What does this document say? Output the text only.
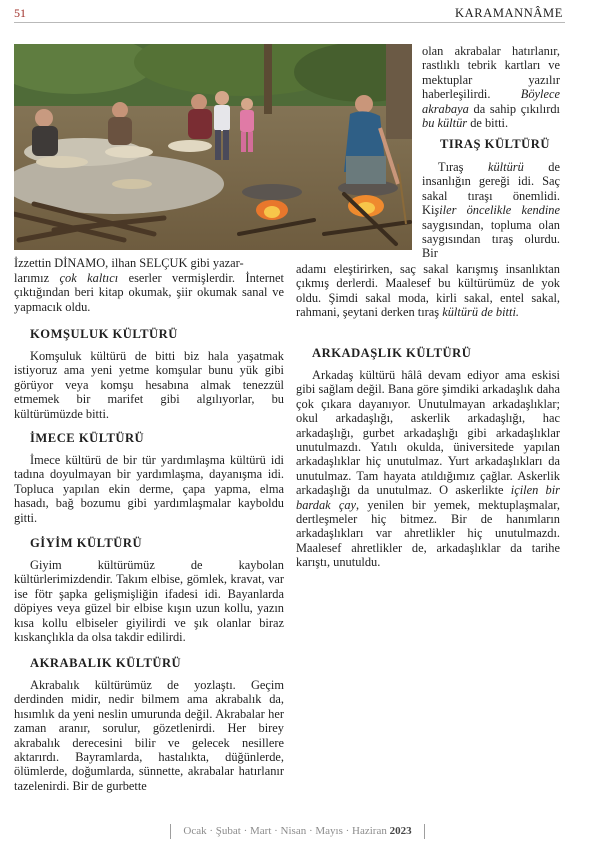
51	KARAMANNÂME

İzzettin DİNAMO, ilhan SELÇUK gibi yazar-

larımız çok kaltıcı eserler vermişlerdir. İnternet çıktığından beri kitap okumak, şiir okumak sanal ve yapmacık oldu.

KOMŞULUK KÜLTÜRÜ

Komşuluk kültürü de bitti biz hala yaşatmak istiyoruz ama yeni yetme komşular bunu yük gibi görüyor veya komşu hesabına almak tenezzül etmemek bir marifet gibi algılıyorlar, bu kültürümüzde bitti.

İMECE KÜLTÜRÜ

İmece kültürü de bir tür yardımlaşma kültürü idi tadına doyulmayan bir yardımlaşma, dayanışma idi. Topluca yapılan ekin derme, çapa yapma, elma hasadı, bağ bozumu gibi yardımlaşmalar kayboldu gitti.

GİYİM KÜLTÜRÜ

Giyim kültürümüz de kaybolan kültürlerimizdendir. Takım elbise, gömlek, kravat, var ise fötr şapka gelişmişliğin ifadesi idi. Bayanlarda döpiyes veya güzel bir elbise kışın uzun kollu, yazın kısa kollu elbiseler giyilirdi ve şık olanlar biraz kıskançlıkla da olsa takdir edilirdi.

AKRABALIK KÜLTÜRÜ

Akrabalık kültürümüz de yozlaştı. Geçim derdinden midir, nedir bilmem ama akrabalık da, hısımlık da yeni neslin umurunda değil. Akrabalar her zaman aranır, sorulur, gözetlenirdi. Her birey akrabalık derecesini bilir ve gelecek nesillere aktarırdı. Bayramlarda, hastalıkta, düğünlerde, ölümlerde, doğumlarda, sünnette, akrabalar hatırlanır tazelenirdi. Bir de gurbette

olan akrabalar hatırlanır, rastlıklı tebrik kartları ve mektuplar yazılır haberleşilirdi. Böylece akrabaya da sahip çıkılırdı bu kültür de bitti.

TIRAŞ KÜLTÜRÜ

Tıraş kültürü de insanlığın gereği idi. Saç sakal tıraşı önemlidi. Kişiler öncelikle kendine saygısından, topluma olan saygısından tıraş olurdu. Bir

adamı eleştirirken, saç sakal karışmış insanlıktan çıkmış derlerdi. Maalesef bu kültürümüz de yok oldu. Şimdi sakal moda, kirli sakal, entel sakal, rahmani, şeytani derken tıraş kültürü de bitti.

ARKADAŞLIK KÜLTÜRÜ

Arkadaş kültürü hâlâ devam ediyor ama eskisi gibi sağlam değil. Bana göre şimdiki arkadaşlık daha çok çıkara dayanıyor. Unutulmayan arkadaşlıklar; okul arkadaşlığı, askerlik arkadaşlığı, hac arkadaşlığı, gurbet arkadaşlığı gibi arkadaşlıklar unutulmazdı. Yatılı okulda, üniversitede yapılan arkadaşlıklar hiç unutulmaz. Yurt arkadaşlıkları da unutulmaz. Tam hayata atıldığımız çağlar. Askerlik arkadaşlığı da unutulmaz. O askerlikte içilen bir bardak çay, yenilen bir yemek, mektuplaşmalar, dertleşmeler hiç bitmez. Bir de hanımların arkadaşlıkları var ahretlikler hiç unutulmazdı. Maalesef ahretlikler de, arkadaşlıklar da tarihe karıştı, unutuldu.

Ocak · Şubat · Mart · Nisan · Mayıs · Haziran 2023
